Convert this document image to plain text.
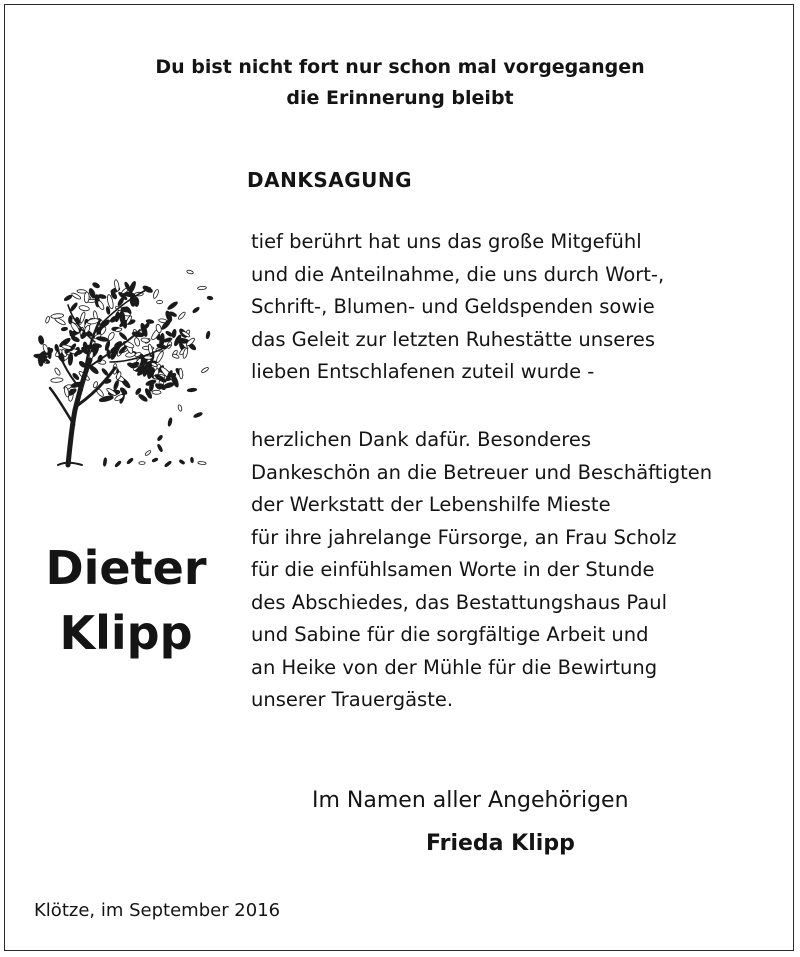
Du bist nicht fort nur schon mal vorgegangen
die Erinnerung bleibt
DANKSAGUNG
tief berührt hat uns das große Mitgefühl
und die Anteilnahme, die uns durch Wort-,
Schrift-, Blumen- und Geldspenden sowie
das Geleit zur letzten Ruhestätte unseres
lieben Entschlafenen zuteil wurde -
herzlichen Dank dafür. Besonderes
Dankeschön an die Betreuer und Beschäftigten
der Werkstatt der Lebenshilfe Mieste
für ihre jahrelange Fürsorge, an Frau Scholz
für die einfühlsamen Worte in der Stunde
des Abschiedes, das Bestattungshaus Paul
und Sabine für die sorgfältige Arbeit und
an Heike von der Mühle für die Bewirtung
unserer Trauergäste.
Dieter
Klipp
Im Namen aller Angehörigen
Frieda Klipp
Klötze, im September 2016
